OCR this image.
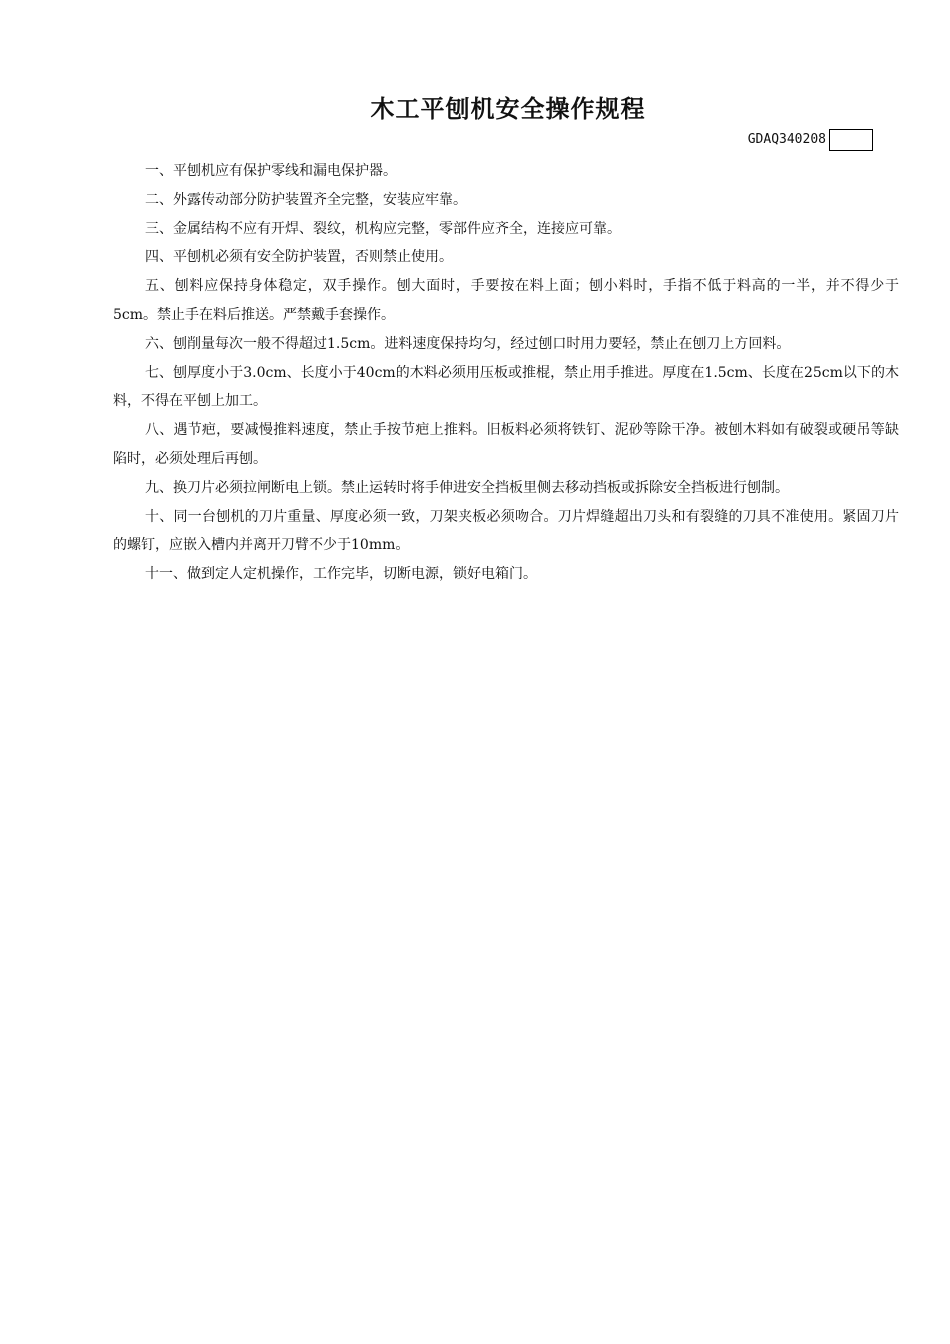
木工平刨机安全操作规程
GDAQ340208

一、平刨机应有保护零线和漏电保护器。

二、外露传动部分防护装置齐全完整，安装应牢靠。

三、金属结构不应有开焊、裂纹，机构应完整，零部件应齐全，连接应可靠。

四、平刨机必须有安全防护装置，否则禁止使用。

五、刨料应保持身体稳定，双手操作。刨大面时，手要按在料上面；刨小料时，手指不低于料高的一半，并不得少于5cm。禁止手在料后推送。严禁戴手套操作。

六、刨削量每次一般不得超过1.5cm。进料速度保持均匀，经过刨口时用力要轻，禁止在刨刀上方回料。

七、刨厚度小于3.0cm、长度小于40cm的木料必须用压板或推棍，禁止用手推进。厚度在1.5cm、长度在25cm以下的木料，不得在平刨上加工。

八、遇节疤，要减慢推料速度，禁止手按节疤上推料。旧板料必须将铁钉、泥砂等除干净。被刨木料如有破裂或硬吊等缺陷时，必须处理后再刨。

九、换刀片必须拉闸断电上锁。禁止运转时将手伸进安全挡板里侧去移动挡板或拆除安全挡板进行刨制。

十、同一台刨机的刀片重量、厚度必须一致，刀架夹板必须吻合。刀片焊缝超出刀头和有裂缝的刀具不准使用。紧固刀片的螺钉，应嵌入槽内并离开刀臂不少于10mm。

十一、做到定人定机操作，工作完毕，切断电源，锁好电箱门。
